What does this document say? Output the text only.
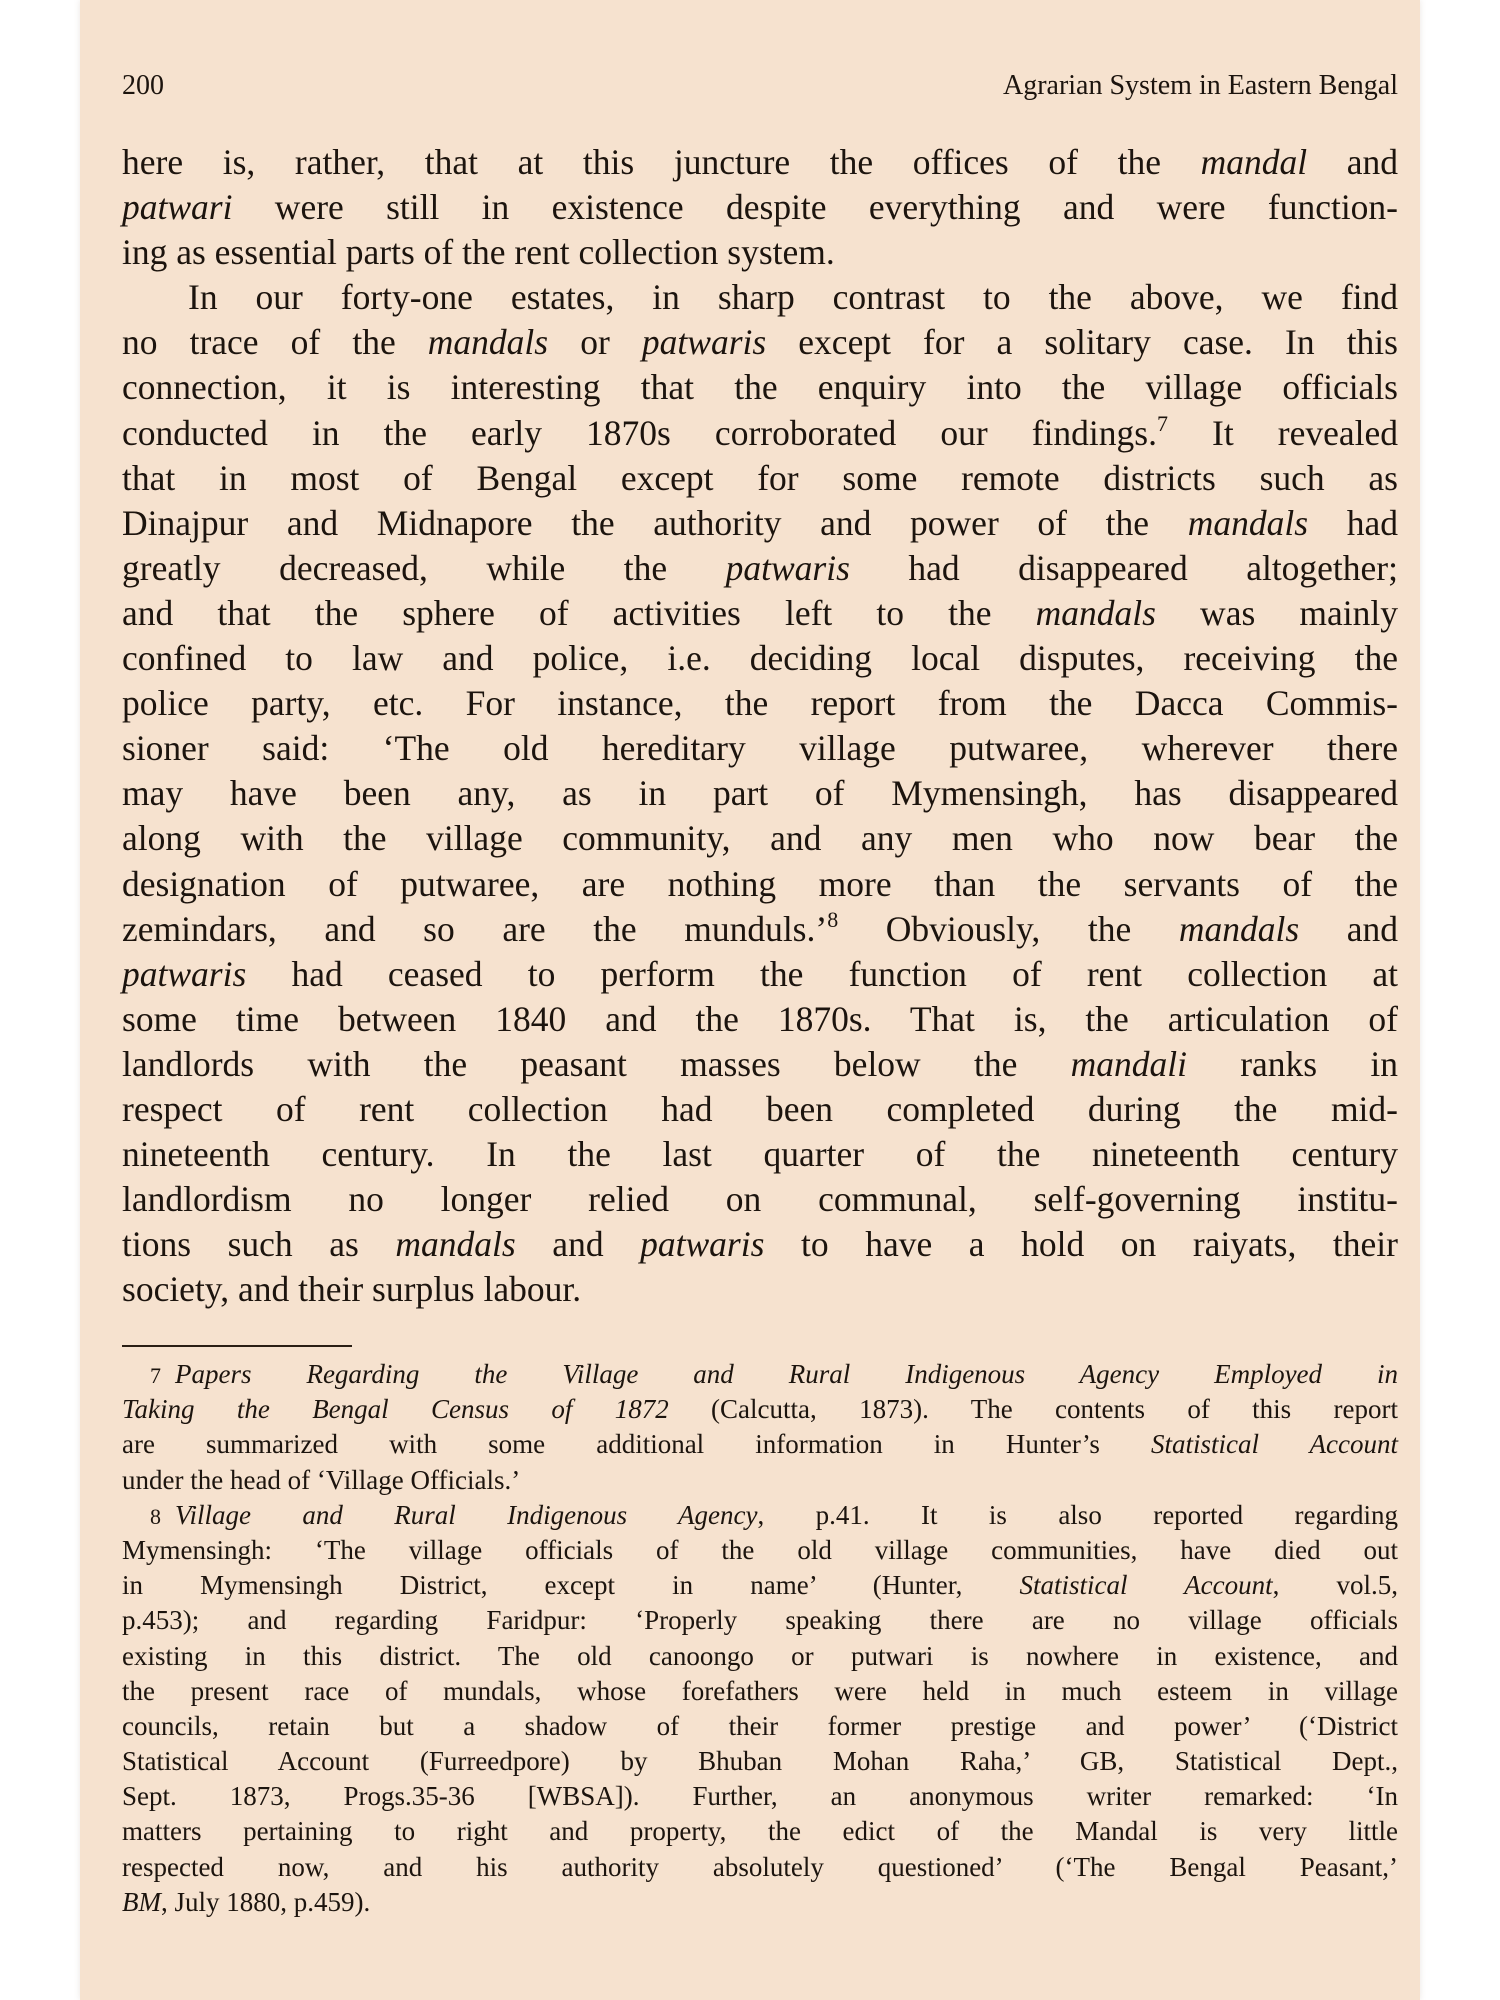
200	Agrarian System in Eastern Bengal
here is, rather, that at this juncture the offices of the mandal and
patwari were still in existence despite everything and were function-
ing as essential parts of the rent collection system.
In our forty-one estates, in sharp contrast to the above, we find
no trace of the mandals or patwaris except for a solitary case. In this
connection, it is interesting that the enquiry into the village officials
conducted in the early 1870s corroborated our findings.$^7$ It revealed
that in most of Bengal except for some remote districts such as
Dinajpur and Midnapore the authority and power of the mandals had
greatly decreased, while the patwaris had disappeared altogether;
and that the sphere of activities left to the mandals was mainly
confined to law and police, i.e. deciding local disputes, receiving the
police party, etc. For instance, the report from the Dacca Commis-
sioner said: ‘The old hereditary village putwaree, wherever there
may have been any, as in part of Mymensingh, has disappeared
along with the village community, and any men who now bear the
designation of putwaree, are nothing more than the servants of the
zemindars, and so are the munduls.’$^8$ Obviously, the mandals and
patwaris had ceased to perform the function of rent collection at
some time between 1840 and the 1870s. That is, the articulation of
landlords with the peasant masses below the mandali ranks in
respect of rent collection had been completed during the mid-
nineteenth century. In the last quarter of the nineteenth century
landlordism no longer relied on communal, self-governing institu-
tions such as mandals and patwaris to have a hold on raiyats, their
society, and their surplus labour.
7 Papers Regarding the Village and Rural Indigenous Agency Employed in
Taking the Bengal Census of 1872 (Calcutta, 1873). The contents of this report
are summarized with some additional information in Hunter’s Statistical Account
under the head of ‘Village Officials.’
8 Village and Rural Indigenous Agency, p.41. It is also reported regarding
Mymensingh: ‘The village officials of the old village communities, have died out
in Mymensingh District, except in name’ (Hunter, Statistical Account, vol.5,
p.453); and regarding Faridpur: ‘Properly speaking there are no village officials
existing in this district. The old canoongo or putwari is nowhere in existence, and
the present race of mundals, whose forefathers were held in much esteem in village
councils, retain but a shadow of their former prestige and power’ (‘District
Statistical Account (Furreedpore) by Bhuban Mohan Raha,’ GB, Statistical Dept.,
Sept. 1873, Progs.35-36 [WBSA]). Further, an anonymous writer remarked: ‘In
matters pertaining to right and property, the edict of the Mandal is very little
respected now, and his authority absolutely questioned’ (‘The Bengal Peasant,’
BM, July 1880, p.459).
